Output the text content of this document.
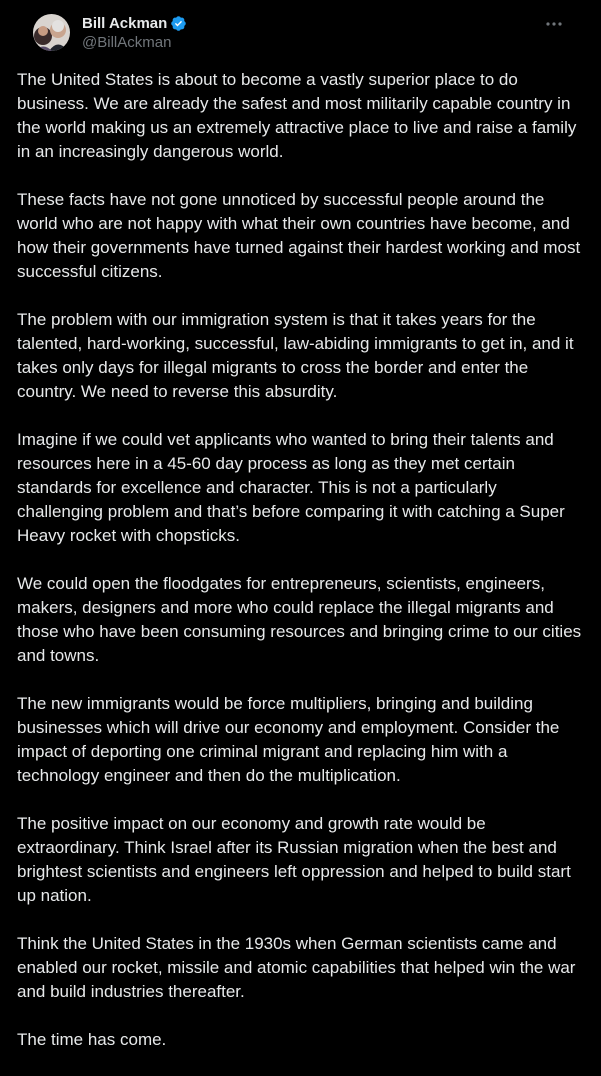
Bill Ackman
@BillAckman

The United States is about to become a vastly superior place to do business. We are already the safest and most militarily capable country in the world making us an extremely attractive place to live and raise a family in an increasingly dangerous world.

These facts have not gone unnoticed by successful people around the world who are not happy with what their own countries have become, and how their governments have turned against their hardest working and most successful citizens.

The problem with our immigration system is that it takes years for the talented, hard-working, successful, law-abiding immigrants to get in, and it takes only days for illegal migrants to cross the border and enter the country. We need to reverse this absurdity.

Imagine if we could vet applicants who wanted to bring their talents and resources here in a 45-60 day process as long as they met certain standards for excellence and character. This is not a particularly challenging problem and that’s before comparing it with catching a Super Heavy rocket with chopsticks.

We could open the floodgates for entrepreneurs, scientists, engineers, makers, designers and more who could replace the illegal migrants and those who have been consuming resources and bringing crime to our cities and towns.

The new immigrants would be force multipliers, bringing and building businesses which will drive our economy and employment. Consider the impact of deporting one criminal migrant and replacing him with a technology engineer and then do the multiplication.

The positive impact on our economy and growth rate would be extraordinary. Think Israel after its Russian migration when the best and brightest scientists and engineers left oppression and helped to build start up nation.

Think the United States in the 1930s when German scientists came and enabled our rocket, missile and atomic capabilities that helped win the war and build industries thereafter.

The time has come.
